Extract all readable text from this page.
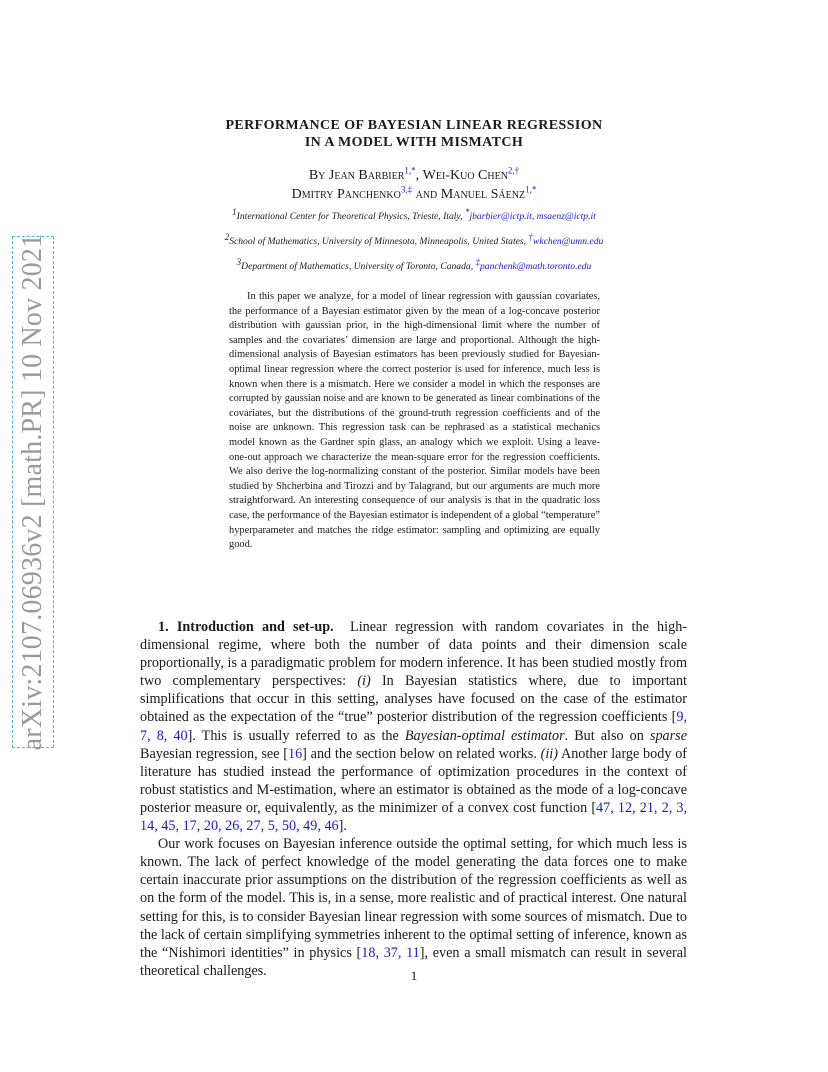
arXiv:2107.06936v2 [math.PR] 10 Nov 2021
PERFORMANCE OF BAYESIAN LINEAR REGRESSION
IN A MODEL WITH MISMATCH
By Jean Barbier$^{1,*}$, Wei-Kuo Chen$^{2,\dagger}$
Dmitry Panchenko$^{3,\ddagger}$ and Manuel Sáenz$^{1,*}$
1International Center for Theoretical Physics, Trieste, Italy, *jbarbier@ictp.it, msaenz@ictp.it
2School of Mathematics, University of Minnesota, Minneapolis, United States, †wkchen@umn.edu
3Department of Mathematics, University of Toronto, Canada, ‡panchenk@math.toronto.edu

In this paper we analyze, for a model of linear regression with gaussian covariates, the performance of a Bayesian estimator given by the mean of a log-concave posterior distribution with gaussian prior, in the high-dimensional limit where the number of samples and the covariates’ dimension are large and proportional. Although the high-dimensional analysis of Bayesian estimators has been previously studied for Bayesian-optimal linear regression where the correct posterior is used for inference, much less is known when there is a mismatch. Here we consider a model in which the responses are corrupted by gaussian noise and are known to be generated as linear combinations of the covariates, but the distributions of the ground-truth regression coefficients and of the noise are unknown. This regression task can be rephrased as a statistical mechanics model known as the Gardner spin glass, an analogy which we exploit. Using a leave-one-out approach we characterize the mean-square error for the regression coefficients. We also derive the log-normalizing constant of the posterior. Similar models have been studied by Shcherbina and Tirozzi and by Talagrand, but our arguments are much more straightforward. An interesting consequence of our analysis is that in the quadratic loss case, the performance of the Bayesian estimator is independent of a global “temperature” hyperparameter and matches the ridge estimator: sampling and optimizing are equally good.

1. Introduction and set-up. Linear regression with random covariates in the high-dimensional regime, where both the number of data points and their dimension scale proportionally, is a paradigmatic problem for modern inference. It has been studied mostly from two complementary perspectives: (i) In Bayesian statistics where, due to important simplifications that occur in this setting, analyses have focused on the case of the estimator obtained as the expectation of the “true” posterior distribution of the regression coefficients [9, 7, 8, 40]. This is usually referred to as the Bayesian-optimal estimator. But also on sparse Bayesian regression, see [16] and the section below on related works. (ii) Another large body of literature has studied instead the performance of optimization procedures in the context of robust statistics and M-estimation, where an estimator is obtained as the mode of a log-concave posterior measure or, equivalently, as the minimizer of a convex cost function [47, 12, 21, 2, 3, 14, 45, 17, 20, 26, 27, 5, 50, 49, 46].

Our work focuses on Bayesian inference outside the optimal setting, for which much less is known. The lack of perfect knowledge of the model generating the data forces one to make certain inaccurate prior assumptions on the distribution of the regression coefficients as well as on the form of the model. This is, in a sense, more realistic and of practical interest. One natural setting for this, is to consider Bayesian linear regression with some sources of mismatch. Due to the lack of certain simplifying symmetries inherent to the optimal setting of inference, known as the “Nishimori identities” in physics [18, 37, 11], even a small mismatch can result in several theoretical challenges.	1
